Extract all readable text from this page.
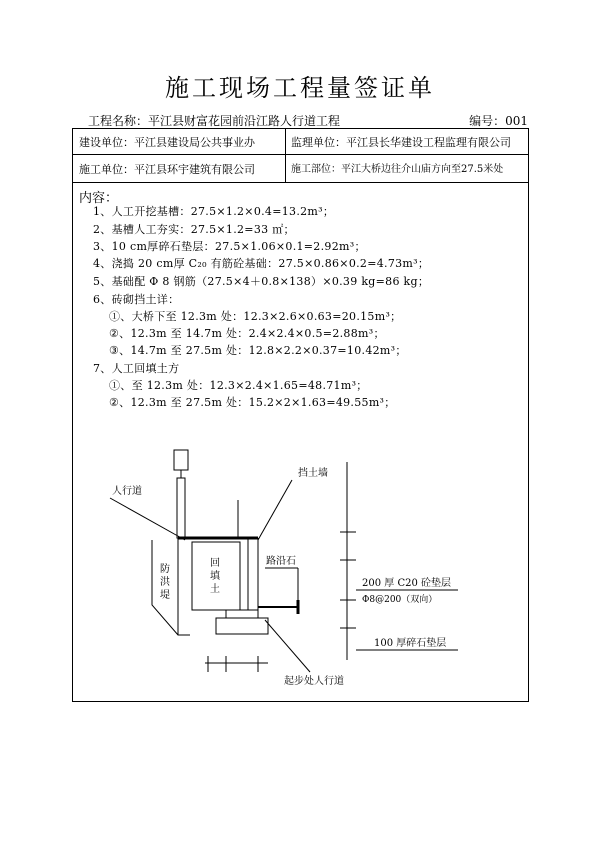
施工现场工程量签证单
工程名称：平江县财富花园前沿江路人行道工程	编号：001
建设单位：平江县建设局公共事业办	监理单位：平江县长华建设工程监理有限公司
施工单位：平江县环宇建筑有限公司	施工部位：平江大桥边往介山庙方向至27.5米处
内容：
1、人工开挖基槽：27.5×1.2×0.4=13.2m³；
2、基槽人工夯实：27.5×1.2=33 ㎡；
3、10 cm厚碎石垫层：27.5×1.06×0.1=2.92m³；
4、浇捣 20 cm厚 C₂₀ 有筋砼基础：27.5×0.86×0.2=4.73m³；
5、基础配 Φ 8 钢筋（27.5×4＋0.8×138）×0.39 kg=86 kg；
6、砖砌挡土详：
①、大桥下至 12.3m 处：12.3×2.6×0.63=20.15m³；
②、12.3m 至 14.7m 处：2.4×2.4×0.5=2.88m³；
③、14.7m 至 27.5m 处：12.8×2.2×0.37=10.42m³；
7、人工回填土方
①、至 12.3m 处：12.3×2.4×1.65=48.71m³；
②、12.3m 至 27.5m 处：15.2×2×1.63=49.55m³；
挡土墙
人行道
路沿石
200 厚 C20 砼垫层
Φ8@200（双向）
100 厚碎石垫层
起步处人行道
防洪堤
回填土
